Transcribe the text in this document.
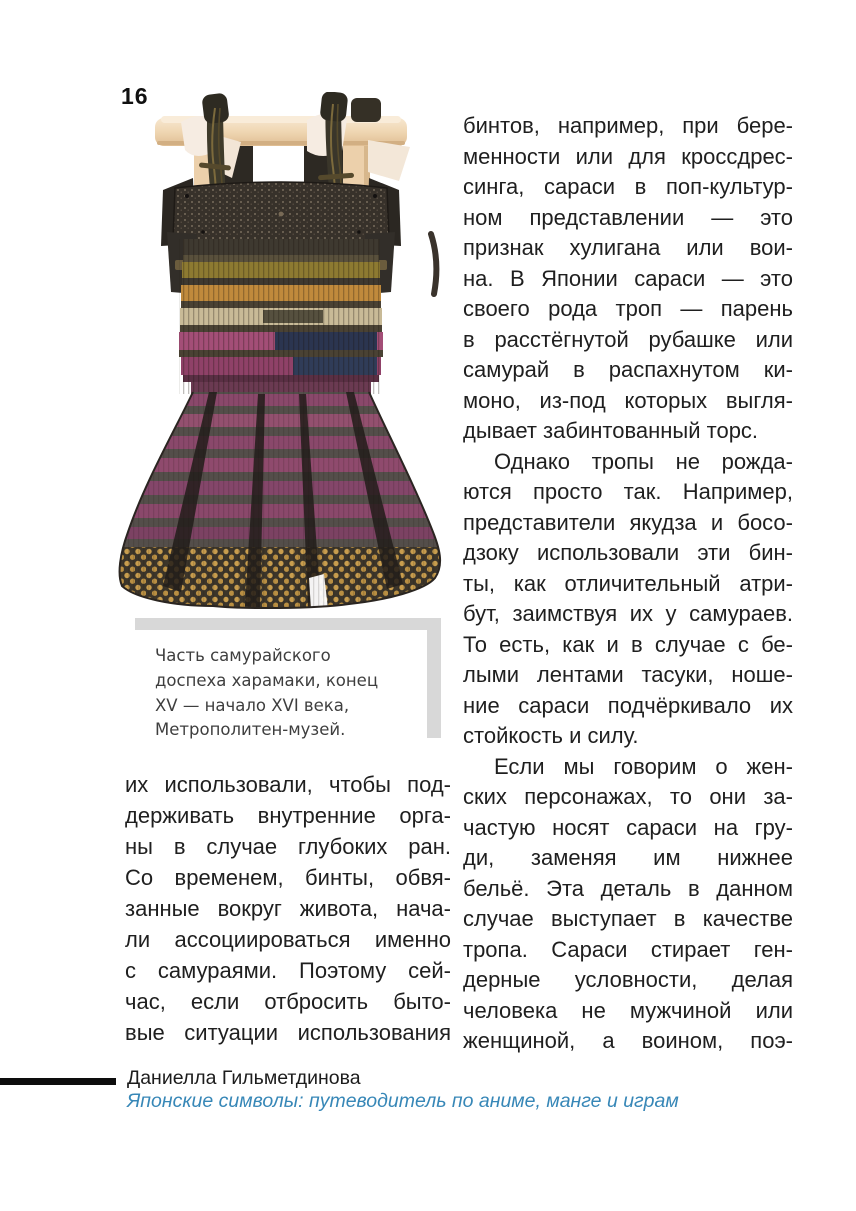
16
Часть самурайского
доспеха харамаки, конец
XV — начало XVI века,
Метрополитен-музей.
их использовали, чтобы под-
держивать внутренние орга-
ны в случае глубоких ран.
Со временем, бинты, обвя-
занные вокруг живота, нача-
ли ассоциироваться именно
с самураями. Поэтому сей-
час, если отбросить быто-
вые ситуации использования
бинтов, например, при бере-
менности или для кроссдрес-
синга, сараси в поп-культур-
ном представлении — это
признак хулигана или вои-
на. В Японии сараси — это
своего рода троп — парень
в расстёгнутой рубашке или
самурай в распахнутом ки-
моно, из-под которых выгля-
дывает забинтованный торс.
Однако тропы не рожда-
ются просто так. Например,
представители якудза и босо-
дзоку использовали эти бин-
ты, как отличительный атри-
бут, заимствуя их у самураев.
То есть, как и в случае с бе-
лыми лентами тасуки, ноше-
ние сараси подчёркивало их
стойкость и силу.
Если мы говорим о жен-
ских персонажах, то они за-
частую носят сараси на гру-
ди, заменяя им нижнее
бельё. Эта деталь в данном
случае выступает в качестве
тропа. Сараси стирает ген-
дерные условности, делая
человека не мужчиной или
женщиной, а воином, поэ-
Даниелла Гильметдинова
Японские символы: путеводитель по аниме, манге и играм
